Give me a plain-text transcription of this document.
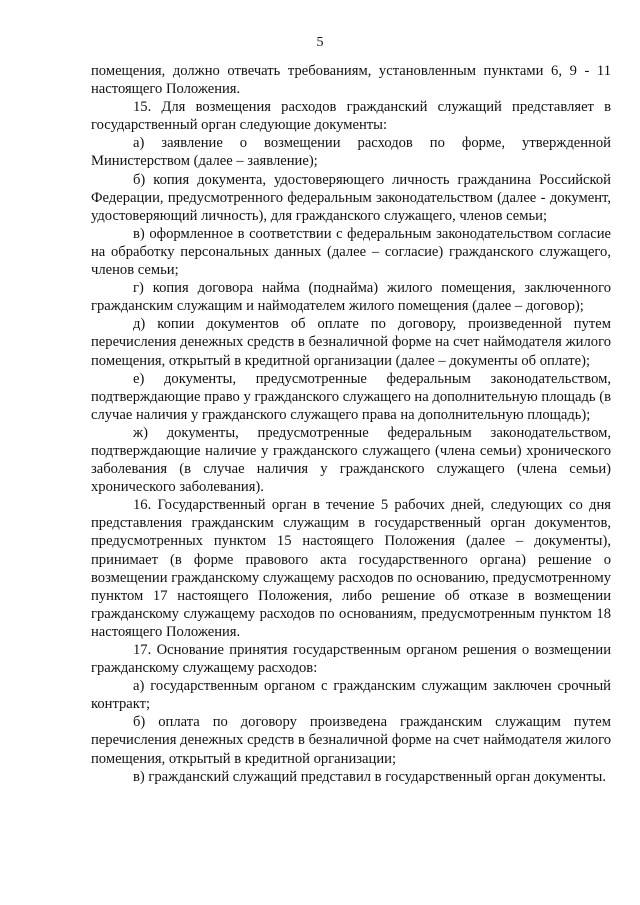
5

помещения, должно отвечать требованиям, установленным пунктами 6, 9 - 11 настоящего Положения.

15. Для возмещения расходов гражданский служащий представляет в государственный орган следующие документы:

а) заявление о возмещении расходов по форме, утвержденной Министерством (далее – заявление);

б) копия документа, удостоверяющего личность гражданина Российской Федерации, предусмотренного федеральным законодательством (далее - документ, удостоверяющий личность), для гражданского служащего, членов семьи;

в) оформленное в соответствии с федеральным законодательством согласие на обработку персональных данных (далее – согласие) гражданского служащего, членов семьи;

г) копия договора найма (поднайма) жилого помещения, заключенного гражданским служащим и наймодателем жилого помещения (далее – договор);

д) копии документов об оплате по договору, произведенной путем перечисления денежных средств в безналичной форме на счет наймодателя жилого помещения, открытый в кредитной организации (далее – документы об оплате);

е) документы, предусмотренные федеральным законодательством, подтверждающие право у гражданского служащего на дополнительную площадь (в случае наличия у гражданского служащего права на дополнительную площадь);

ж) документы, предусмотренные федеральным законодательством, подтверждающие наличие у гражданского служащего (члена семьи) хронического заболевания (в случае наличия у гражданского служащего (члена семьи) хронического заболевания).

16. Государственный орган в течение 5 рабочих дней, следующих со дня представления гражданским служащим в государственный орган документов, предусмотренных пунктом 15 настоящего Положения (далее – документы), принимает (в форме правового акта государственного органа) решение о возмещении гражданскому служащему расходов по основанию, предусмотренному пунктом 17 настоящего Положения, либо решение об отказе в возмещении гражданскому служащему расходов по основаниям, предусмотренным пунктом 18 настоящего Положения.

17. Основание принятия государственным органом решения о возмещении гражданскому служащему расходов:

а) государственным органом с гражданским служащим заключен срочный контракт;

б) оплата по договору произведена гражданским служащим путем перечисления денежных средств в безналичной форме на счет наймодателя жилого помещения, открытый в кредитной организации;

в) гражданский служащий представил в государственный орган документы.
